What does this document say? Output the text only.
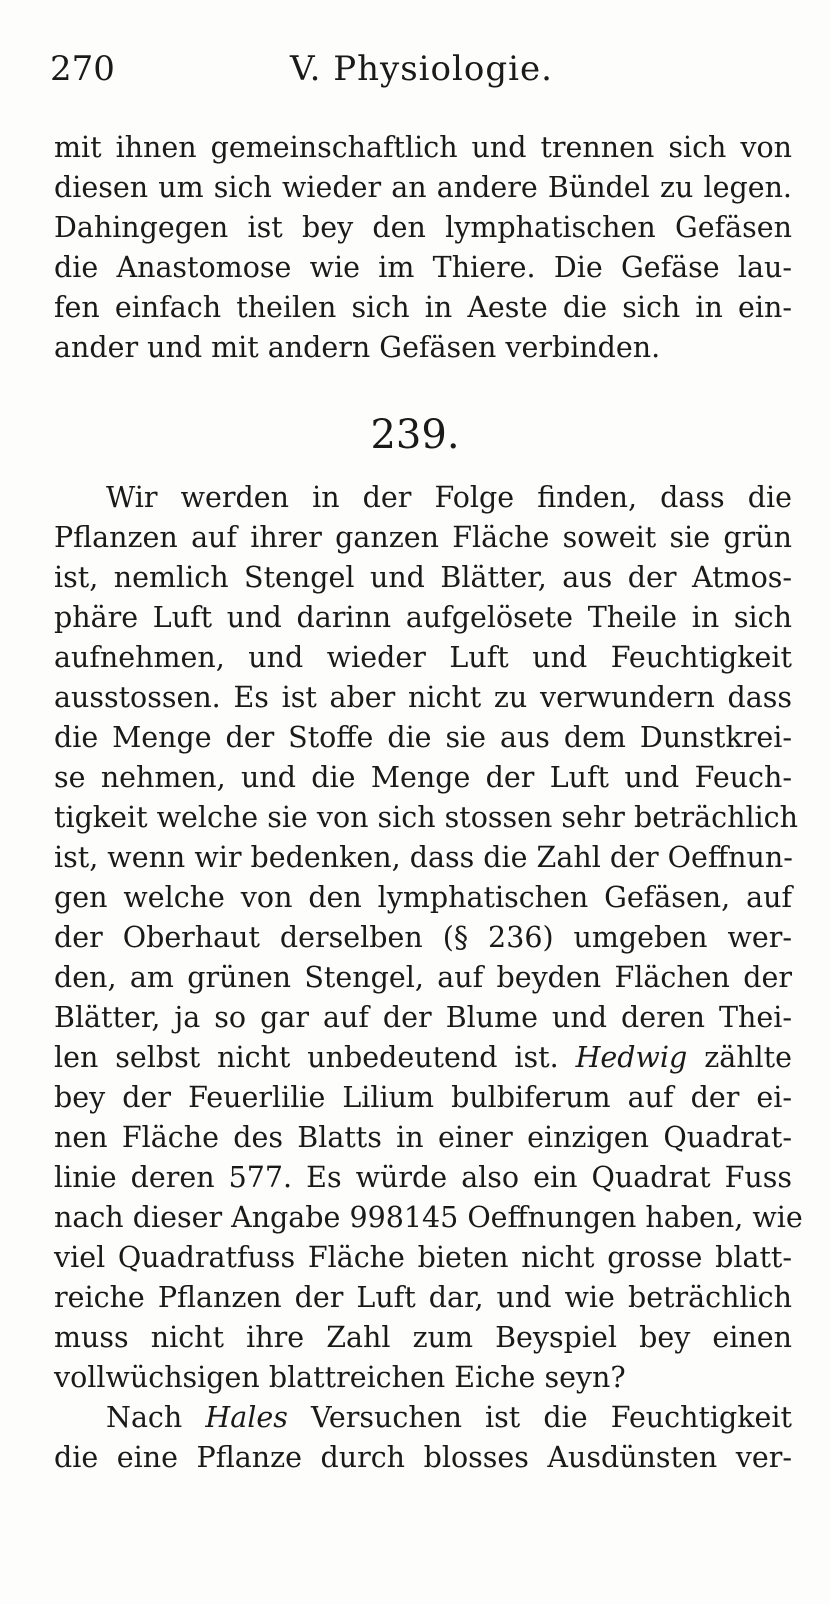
270	V. Physiologie.
mit ihnen gemeinschaftlich und trennen sich von
diesen um sich wieder an andere Bündel zu legen.
Dahingegen ist bey den lymphatischen Gefäsen
die Anastomose wie im Thiere. Die Gefäse lau-
fen einfach theilen sich in Aeste die sich in ein-
ander und mit andern Gefäsen verbinden.
239.
Wir werden in der Folge finden, dass die
Pflanzen auf ihrer ganzen Fläche soweit sie grün
ist, nemlich Stengel und Blätter, aus der Atmos-
phäre Luft und darinn aufgelösete Theile in sich
aufnehmen, und wieder Luft und Feuchtigkeit
ausstossen. Es ist aber nicht zu verwundern dass
die Menge der Stoffe die sie aus dem Dunstkrei-
se nehmen, und die Menge der Luft und Feuch-
tigkeit welche sie von sich stossen sehr beträchlich
ist, wenn wir bedenken, dass die Zahl der Oeffnun-
gen welche von den lymphatischen Gefäsen, auf
der Oberhaut derselben (§ 236) umgeben wer-
den, am grünen Stengel, auf beyden Flächen der
Blätter, ja so gar auf der Blume und deren Thei-
len selbst nicht unbedeutend ist. Hedwig zählte
bey der Feuerlilie Lilium bulbiferum auf der ei-
nen Fläche des Blatts in einer einzigen Quadrat-
linie deren 577. Es würde also ein Quadrat Fuss
nach dieser Angabe 998145 Oeffnungen haben, wie
viel Quadratfuss Fläche bieten nicht grosse blatt-
reiche Pflanzen der Luft dar, und wie beträchlich
muss nicht ihre Zahl zum Beyspiel bey einen
vollwüchsigen blattreichen Eiche seyn?
Nach Hales Versuchen ist die Feuchtigkeit
die eine Pflanze durch blosses Ausdünsten ver-
